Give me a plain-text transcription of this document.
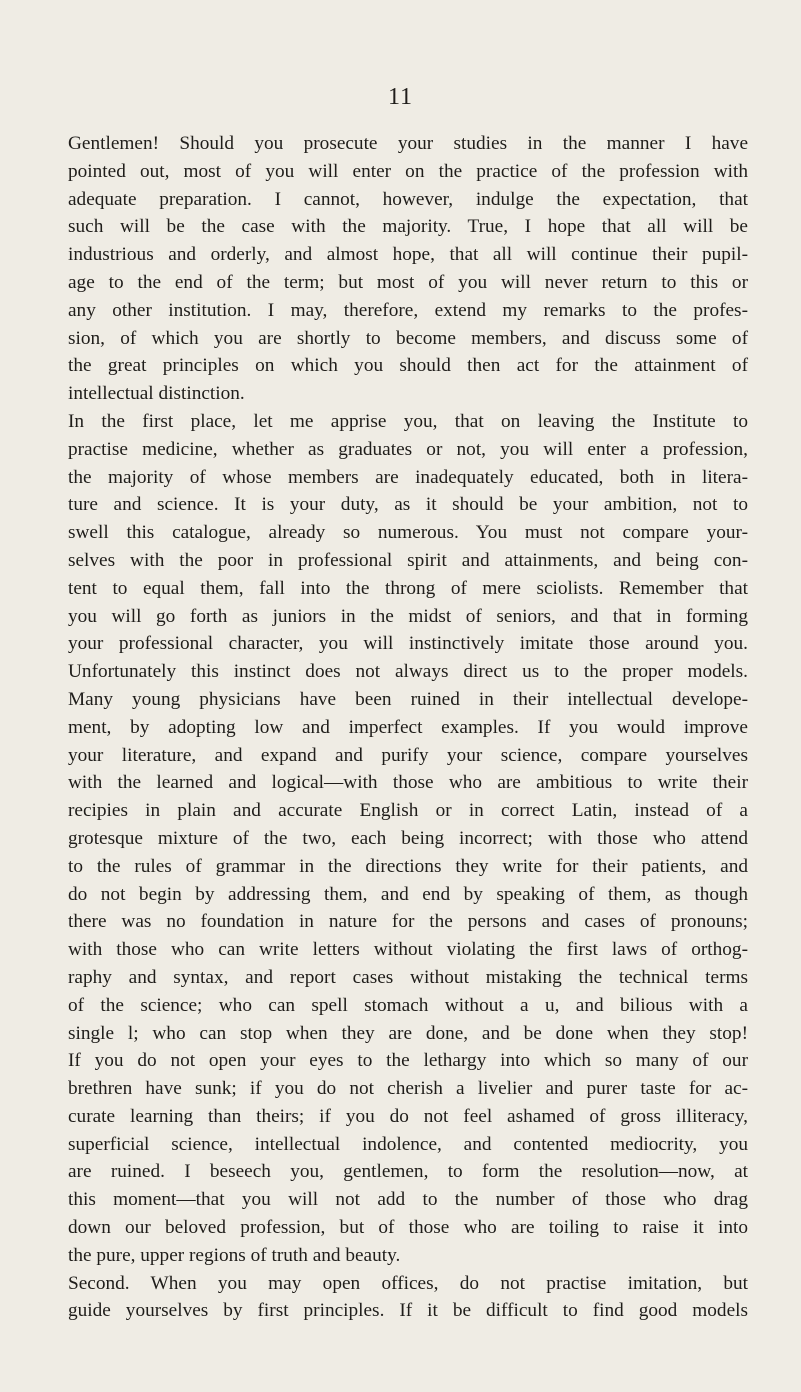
11
Gentlemen! Should you prosecute your studies in the manner I have
pointed out, most of you will enter on the practice of the profession with
adequate preparation. I cannot, however, indulge the expectation, that
such will be the case with the majority. True, I hope that all will be
industrious and orderly, and almost hope, that all will continue their pupil-
age to the end of the term; but most of you will never return to this or
any other institution. I may, therefore, extend my remarks to the profes-
sion, of which you are shortly to become members, and discuss some of
the great principles on which you should then act for the attainment of
intellectual distinction.
In the first place, let me apprise you, that on leaving the Institute to
practise medicine, whether as graduates or not, you will enter a profession,
the majority of whose members are inadequately educated, both in litera-
ture and science. It is your duty, as it should be your ambition, not to
swell this catalogue, already so numerous. You must not compare your-
selves with the poor in professional spirit and attainments, and being con-
tent to equal them, fall into the throng of mere sciolists. Remember that
you will go forth as juniors in the midst of seniors, and that in forming
your professional character, you will instinctively imitate those around you.
Unfortunately this instinct does not always direct us to the proper models.
Many young physicians have been ruined in their intellectual develope-
ment, by adopting low and imperfect examples. If you would improve
your literature, and expand and purify your science, compare yourselves
with the learned and logical—with those who are ambitious to write their
recipies in plain and accurate English or in correct Latin, instead of a
grotesque mixture of the two, each being incorrect; with those who attend
to the rules of grammar in the directions they write for their patients, and
do not begin by addressing them, and end by speaking of them, as though
there was no foundation in nature for the persons and cases of pronouns;
with those who can write letters without violating the first laws of orthog-
raphy and syntax, and report cases without mistaking the technical terms
of the science; who can spell stomach without a u, and bilious with a
single l; who can stop when they are done, and be done when they stop!
If you do not open your eyes to the lethargy into which so many of our
brethren have sunk; if you do not cherish a livelier and purer taste for ac-
curate learning than theirs; if you do not feel ashamed of gross illiteracy,
superficial science, intellectual indolence, and contented mediocrity, you
are ruined. I beseech you, gentlemen, to form the resolution—now, at
this moment—that you will not add to the number of those who drag
down our beloved profession, but of those who are toiling to raise it into
the pure, upper regions of truth and beauty.
Second. When you may open offices, do not practise imitation, but
guide yourselves by first principles. If it be difficult to find good models
